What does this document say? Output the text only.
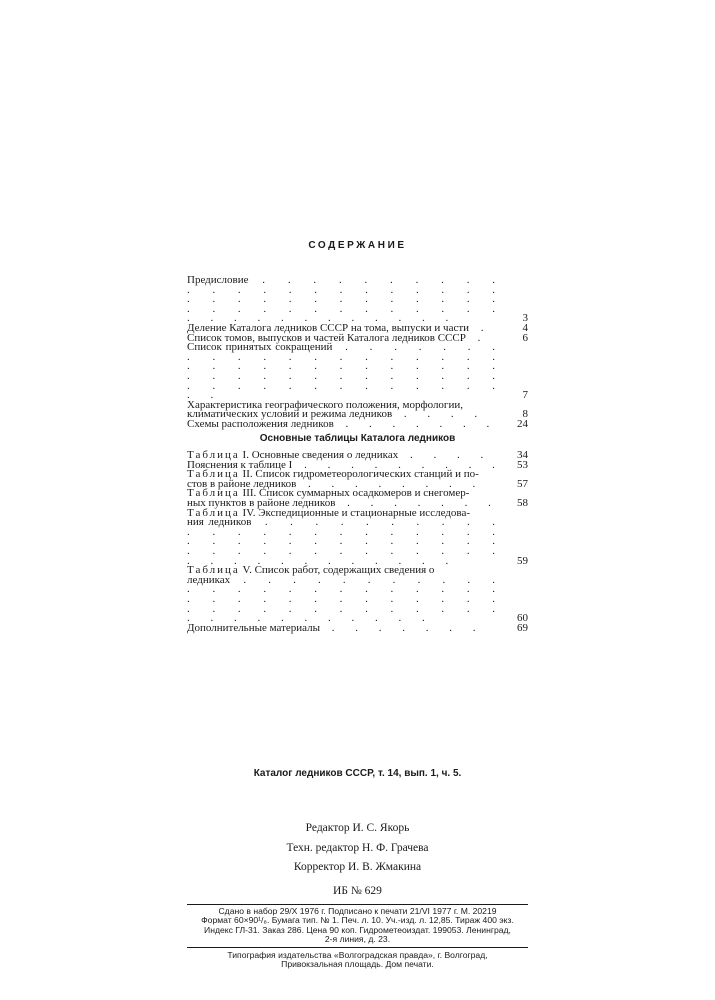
СОДЕРЖАНИЕ
Предисловие . . . . . . . . . . . . . . . . . . . . . . . . . . . . . . . . . . . . . . . . . . . . . . . . . . . . . . . . . . . . .	3
Деление Каталога ледников СССР на тома, выпуски и части .	4
Список томов, выпусков и частей Каталога ледников СССР .	6
Список принятых сокращений . . . . . . . . . . . . . . . . . . . . . . . . . . . . . . . . . . . . . . . . . . . . . . . . . . . . . . . . . . . . .	7
Характеристика географического положения, морфологии,
климатических условий и режима ледников . . . .	8
Схемы расположения ледников . . . . . . .	24
Основные таблицы Каталога ледников
Таблица I. Основные сведения о ледниках . . . .	34
Пояснения к таблице I . . . . . . . . . 53
Таблица II. Список гидрометеорологических станций и по-
стов в районе ледников . . . . . . . .	57
Таблица III. Список суммарных осадкомеров и снегомер-
ных пунктов в районе ледников . . . . . . .	58
Таблица IV. Экспедиционные и стационарные исследова-
ния ледников . . . . . . . . . . . . . . . . . . . . . . . . . . . . . . . . . . . . . . . . . . . . . . . . . . . . . . . . . . . . .	59
Таблица V. Список работ, содержащих сведения о
ледниках . . . . . . . . . . . . . . . . . . . . . . . . . . . . . . . . . . . . . . . . . . . . . . . . . . . . . . . . . . . . .	60
Дополнительные материалы . . . . . . .	69
Каталог ледников СССР, т. 14, вып. 1, ч. 5.
Редактор И. С. Якорь
Техн. редактор Н. Ф. Грачева
Корректор И. В. Жмакина
ИБ № 629
Сдано в набор 29/X 1976 г. Подписано к печати 21/VI 1977 г. М. 20219
Формат 60×90¹/₈. Бумага тип. № 1. Печ. л. 10. Уч.-изд. л. 12,85. Тираж 400 экз.
Индекс ГЛ-31. Заказ 286. Цена 90 коп. Гидрометеоиздат. 199053. Ленинград,
2-я линия, д. 23.
Типография издательства «Волгоградская правда», г. Волгоград,
Привокзальная площадь. Дом печати.
